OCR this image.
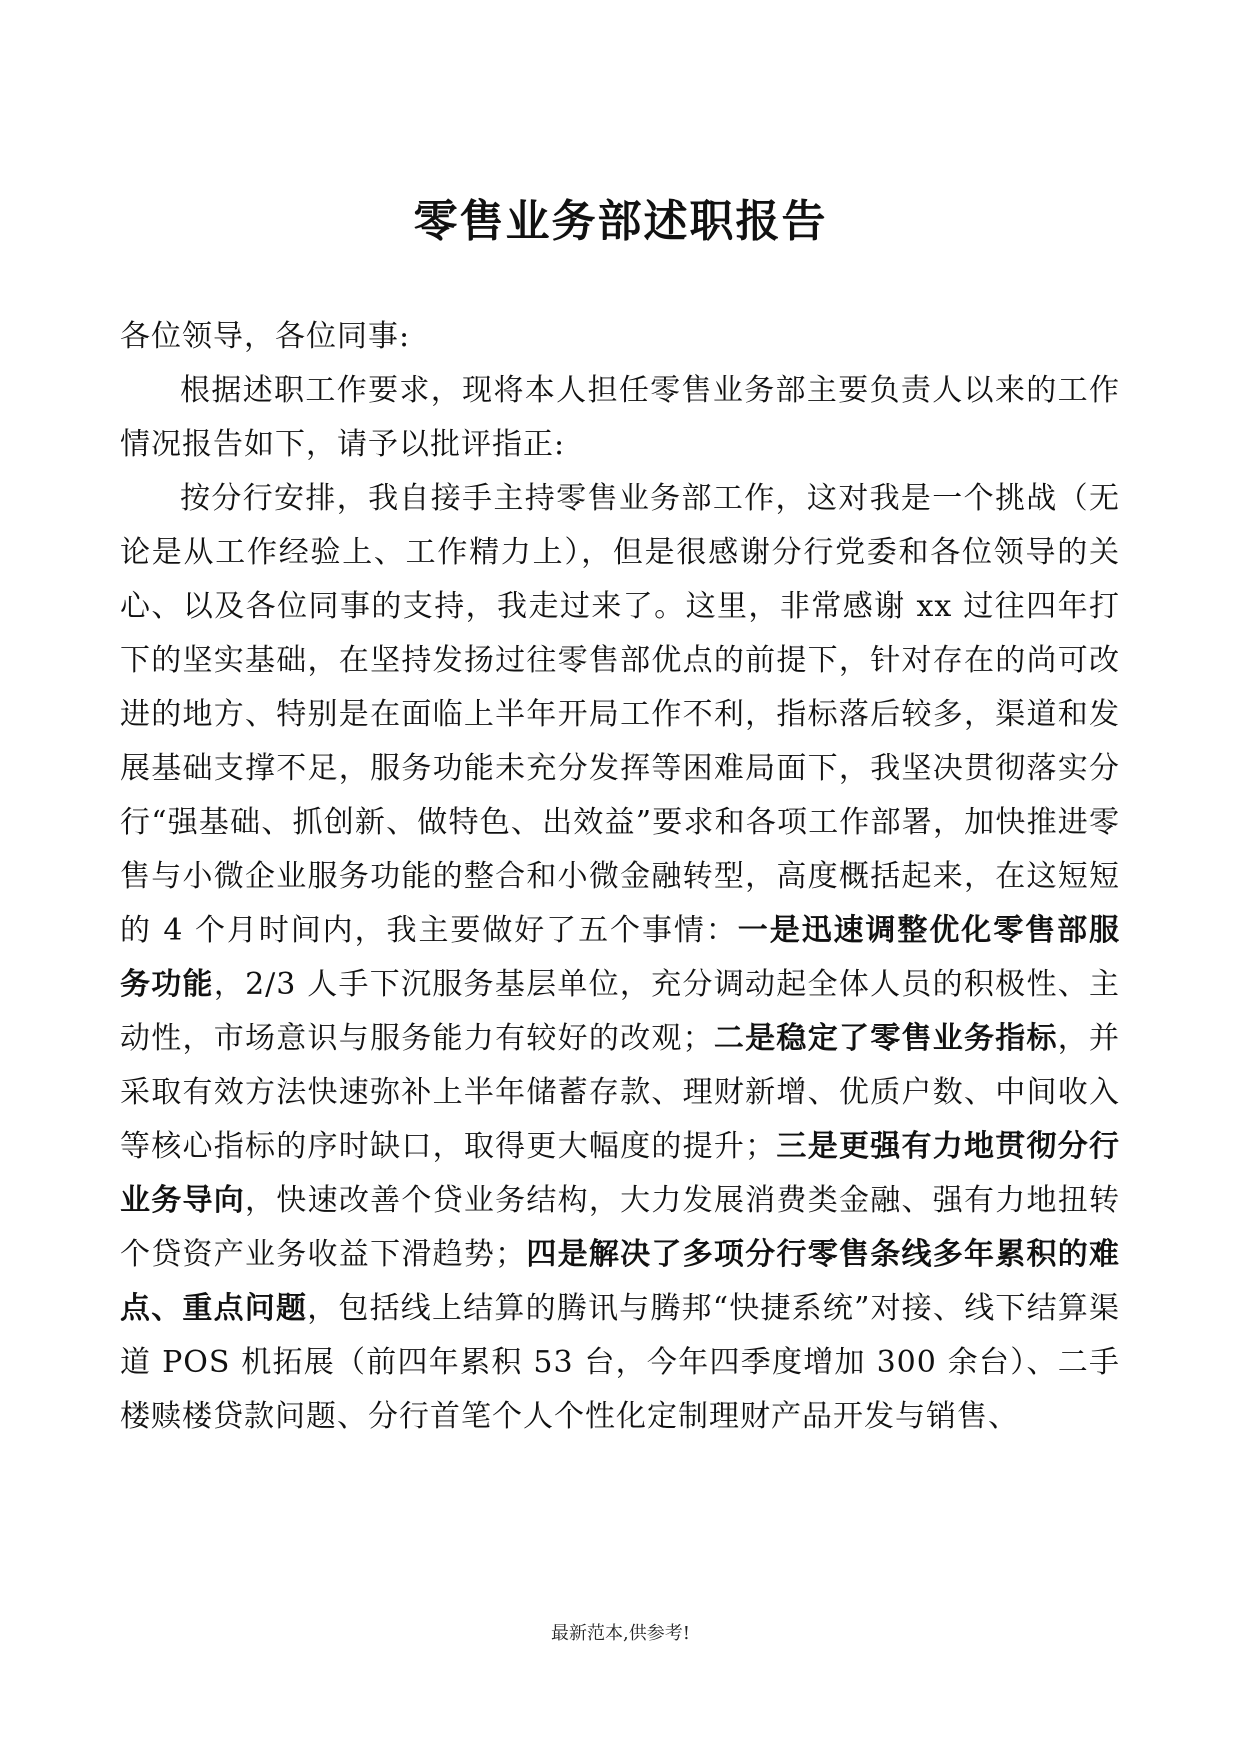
零售业务部述职报告

各位领导，各位同事:

根据述职工作要求，现将本人担任零售业务部主要负责人以来的工作情况报告如下，请予以批评指正:

按分行安排，我自接手主持零售业务部工作，这对我是一个挑战（无论是从工作经验上、工作精力上），但是很感谢分行党委和各位领导的关心、以及各位同事的支持，我走过来了。这里，非常感谢 xx 过往四年打下的坚实基础，在坚持发扬过往零售部优点的前提下，针对存在的尚可改进的地方、特别是在面临上半年开局工作不利，指标落后较多，渠道和发展基础支撑不足，服务功能未充分发挥等困难局面下，我坚决贯彻落实分行“强基础、抓创新、做特色、出效益”要求和各项工作部署，加快推进零售与小微企业服务功能的整合和小微金融转型，高度概括起来，在这短短的 4 个月时间内，我主要做好了五个事情：一是迅速调整优化零售部服务功能，2/3 人手下沉服务基层单位，充分调动起全体人员的积极性、主动性，市场意识与服务能力有较好的改观；二是稳定了零售业务指标，并采取有效方法快速弥补上半年储蓄存款、理财新增、优质户数、中间收入等核心指标的序时缺口，取得更大幅度的提升；三是更强有力地贯彻分行业务导向，快速改善个贷业务结构，大力发展消费类金融、强有力地扭转个贷资产业务收益下滑趋势；四是解决了多项分行零售条线多年累积的难点、重点问题，包括线上结算的腾讯与腾邦“快捷系统”对接、线下结算渠道 POS 机拓展（前四年累积 53 台，今年四季度增加 300 余台）、二手楼赎楼贷款问题、分行首笔个人个性化定制理财产品开发与销售、

最新范本,供参考!
